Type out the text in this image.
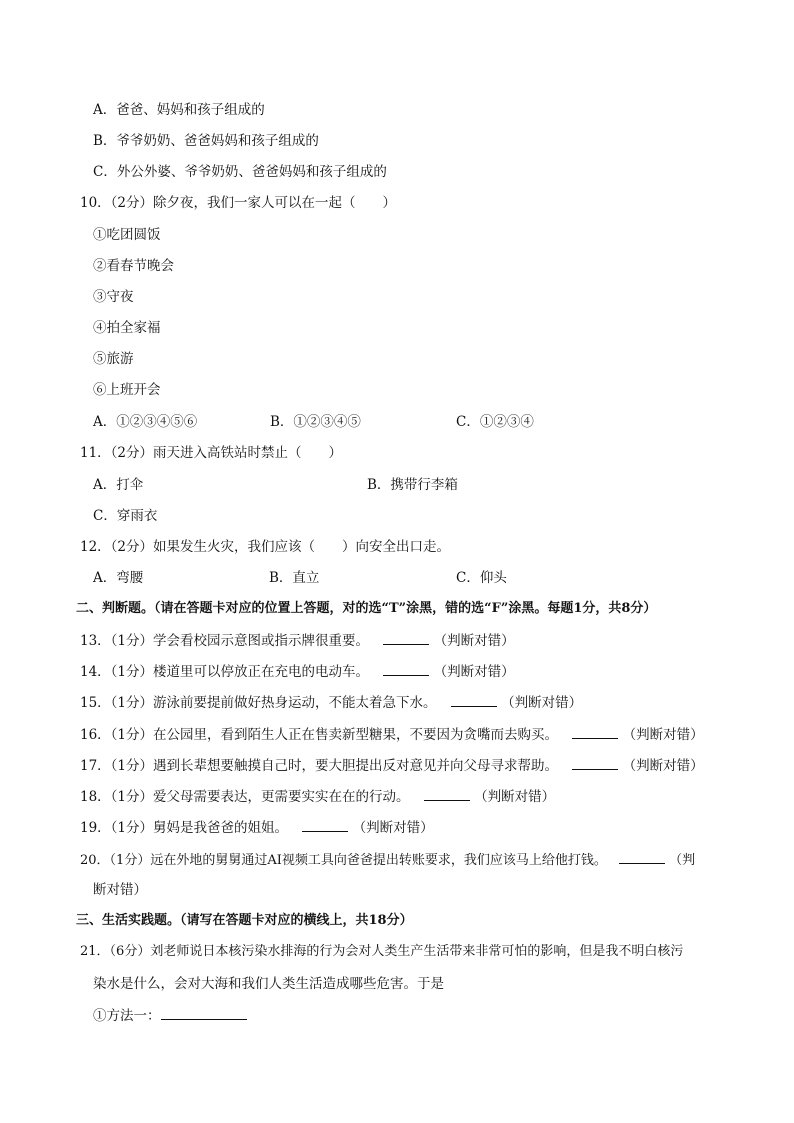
A．爸爸、妈妈和孩子组成的
B．爷爷奶奶、爸爸妈妈和孩子组成的
C．外公外婆、爷爷奶奶、爸爸妈妈和孩子组成的
10．（2分）除夕夜，我们一家人可以在一起（　　）
①吃团圆饭
②看春节晚会
③守夜
④拍全家福
⑤旅游
⑥上班开会
A．①②③④⑤⑥	B．①②③④⑤	C．①②③④
11．（2分）雨天进入高铁站时禁止（　　）
A．打伞	B．携带行李箱
C．穿雨衣
12．（2分）如果发生火灾，我们应该（　　）向安全出口走。
A．弯腰	B．直立	C．仰头
二、判断题。（请在答题卡对应的位置上答题，对的选“T”涂黑，错的选“F”涂黑。每题1分，共8分）
13．（1分）学会看校园示意图或指示牌很重要。	（判断对错）
14．（1分）楼道里可以停放正在充电的电动车。	（判断对错）
15．（1分）游泳前要提前做好热身运动，不能太着急下水。	（判断对错）
16．（1分）在公园里，看到陌生人正在售卖新型糖果，不要因为贪嘴而去购买。	（判断对错）
17．（1分）遇到长辈想要触摸自己时，要大胆提出反对意见并向父母寻求帮助。	（判断对错）
18．（1分）爱父母需要表达，更需要实实在在的行动。	（判断对错）
19．（1分）舅妈是我爸爸的姐姐。	（判断对错）
20．（1分）远在外地的舅舅通过AI视频工具向爸爸提出转账要求，我们应该马上给他打钱。	（判
断对错）
三、生活实践题。（请写在答题卡对应的横线上，共18分）
21．（6分）刘老师说日本核污染水排海的行为会对人类生产生活带来非常可怕的影响，但是我不明白核污
染水是什么，会对大海和我们人类生活造成哪些危害。于是
①方法一：
